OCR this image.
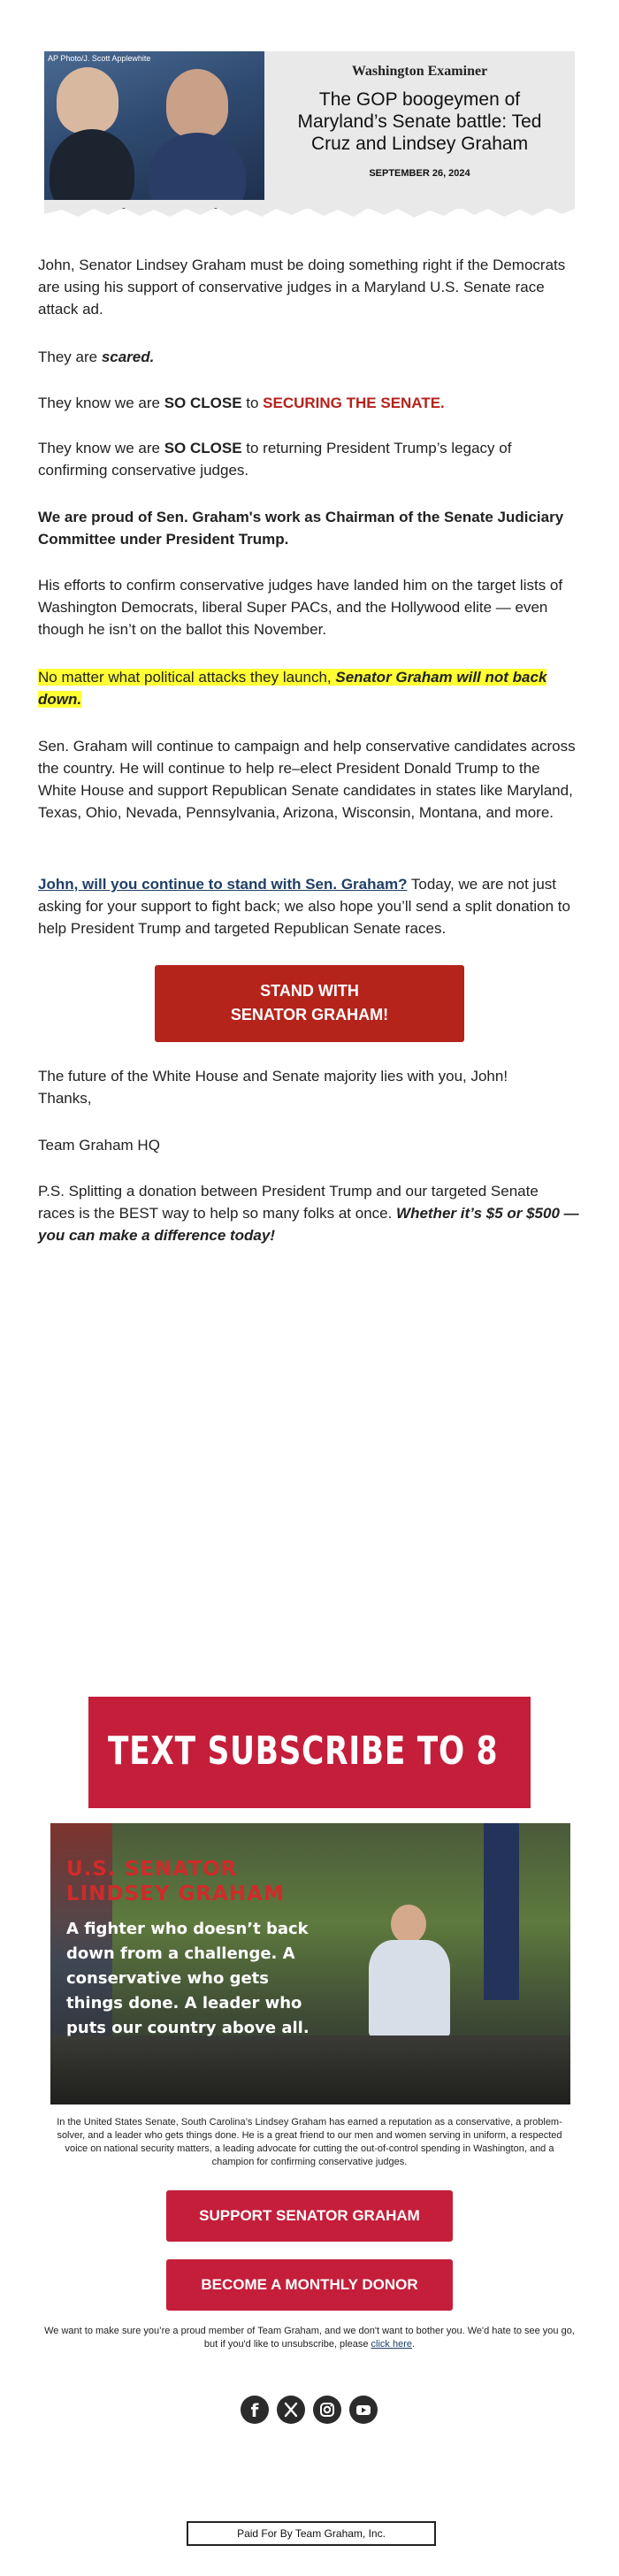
AP Photo/J. Scott Applewhite
Washington Examiner
The GOP boogeymen of Maryland’s Senate battle: Ted Cruz and Lindsey Graham
SEPTEMBER 26, 2024
John, Senator Lindsey Graham must be doing something right if the Democrats are using his support of conservative judges in a Maryland U.S. Senate race attack ad.
They are scared.
They know we are SO CLOSE to SECURING THE SENATE.
They know we are SO CLOSE to returning President Trump’s legacy of confirming conservative judges.
We are proud of Sen. Graham's work as Chairman of the Senate Judiciary Committee under President Trump.
His efforts to confirm conservative judges have landed him on the target lists of Washington Democrats, liberal Super PACs, and the Hollywood elite — even though he isn’t on the ballot this November.
No matter what political attacks they launch, Senator Graham will not back down.
Sen. Graham will continue to campaign and help conservative candidates across the country. He will continue to help re–elect President Donald Trump to the White House and support Republican Senate candidates in states like Maryland, Texas, Ohio, Nevada, Pennsylvania, Arizona, Wisconsin, Montana, and more.
John, will you continue to stand with Sen. Graham? Today, we are not just asking for your support to fight back; we also hope you’ll send a split donation to help President Trump and targeted Republican Senate races.
STAND WITH
SENATOR GRAHAM!
The future of the White House and Senate majority lies with you, John!
Thanks,
Team Graham HQ
P.S. Splitting a donation between President Trump and our targeted Senate races is the BEST way to help so many folks at once. Whether it’s $5 or $500 — you can make a difference today!
TEXT SUBSCRIBE TO 8
U.S. SENATOR
LINDSEY GRAHAM
A fighter who doesn’t back down from a challenge. A conservative who gets things done. A leader who puts our country above all.
In the United States Senate, South Carolina’s Lindsey Graham has earned a reputation as a conservative, a problem-solver, and a leader who gets things done. He is a great friend to our men and women serving in uniform, a respected voice on national security matters, a leading advocate for cutting the out-of-control spending in Washington, and a champion for confirming conservative judges.
SUPPORT SENATOR GRAHAM
BECOME A MONTHLY DONOR
We want to make sure you’re a proud member of Team Graham, and we don't want to bother you. We'd hate to see you go, but if you'd like to unsubscribe, please click here.
f
Paid For By Team Graham, Inc.
